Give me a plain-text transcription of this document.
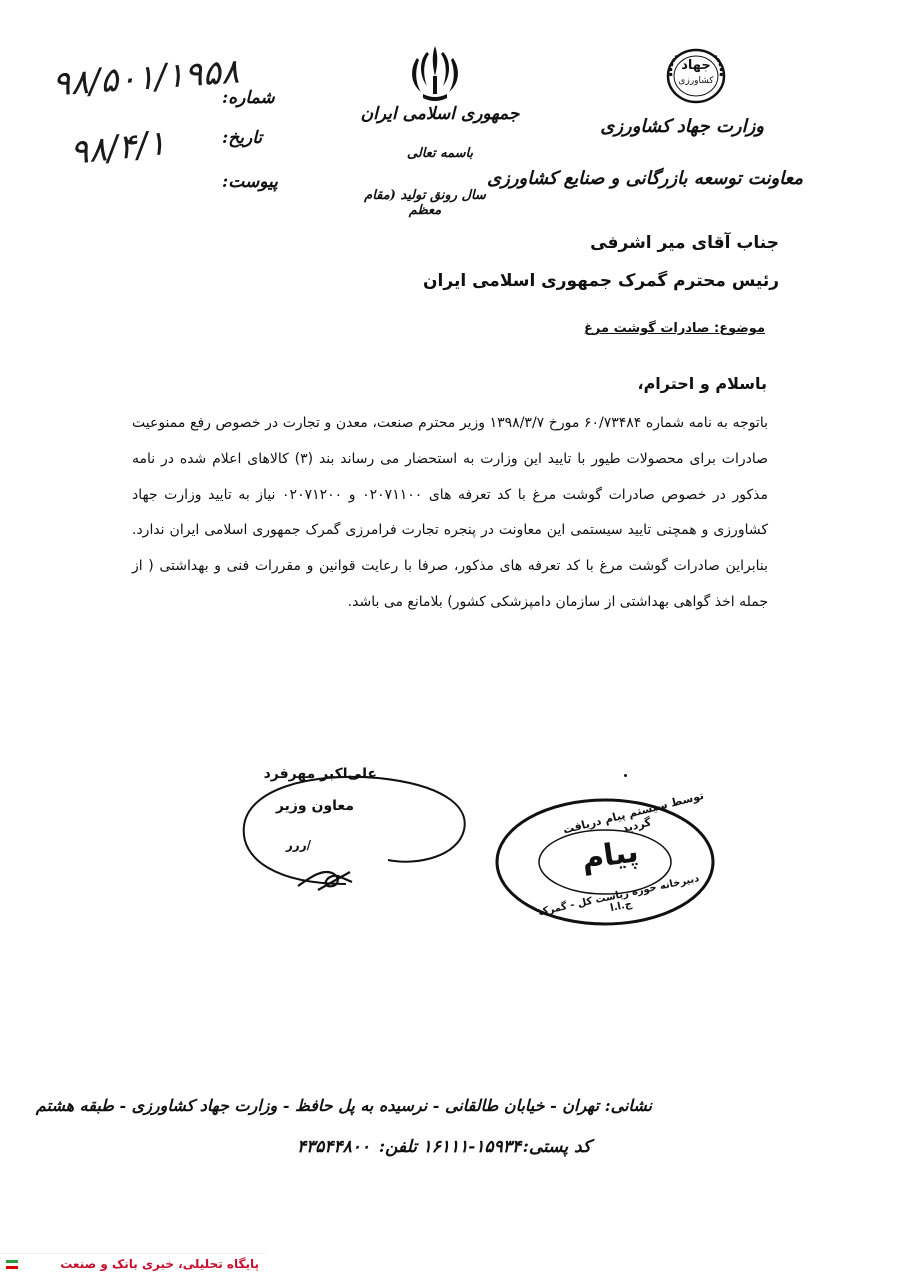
شماره:
۹۸/۵۰۱/۱۹۵۸
تاریخ:
۹۸/۴/۱
پیوست:
جمهوری اسلامی ایران
باسمه تعالی
سال رونق تولید (مقام معظم
جهاد
کشاورزی
وزارت جهاد کشاورزی
معاونت توسعه بازرگانی و صنایع کشاورزی
جناب آقای میر اشرفی
رئیس محترم گمرک جمهوری اسلامی ایران
موضوع: صادرات گوشت مرغ
باسلام و احترام،
باتوجه به نامه شماره ۶۰/۷۳۴۸۴ مورخ ۱۳۹۸/۳/۷ وزیر محترم صنعت، معدن و تجارت در خصوص رفع ممنوعیت صادرات برای محصولات طیور با تایید این وزارت به استحضار می رساند بند (۳) کالاهای اعلام شده در نامه مذکور در خصوص صادرات گوشت مرغ با کد تعرفه های ۰۲۰۷۱۱۰۰ و ۰۲۰۷۱۲۰۰ نیاز به تایید وزارت جهاد کشاورزی و همچنی تایید سیستمی این معاونت در پنجره تجارت فرامرزی گمرک جمهوری اسلامی ایران ندارد. بنابراین صادرات گوشت مرغ با کد تعرفه های مذکور، صرفا با رعایت قوانین و مقررات فنی و بهداشتی ( از جمله اخذ گواهی بهداشتی از سازمان دامپزشکی کشور) بلامانع می باشد.
علی‌اکبر مهرفرد
معاون وزیر
/ررر
توسط سیستم پیام دریافت گردید
پیام
دبیرخانه حوزه ریاست کل - گمرک ج.ا.ا
نشانی: تهران - خیابان طالقانی - نرسیده به پل حافظ - وزارت جهاد کشاورزی - طبقه هشتم
کد پستی:
۱۶۱۱۱-۱۵۹۳۴
تلفن:
۴۳۵۴۴۸۰۰
پایگاه تحلیلی، خبری بانک و صنعت
